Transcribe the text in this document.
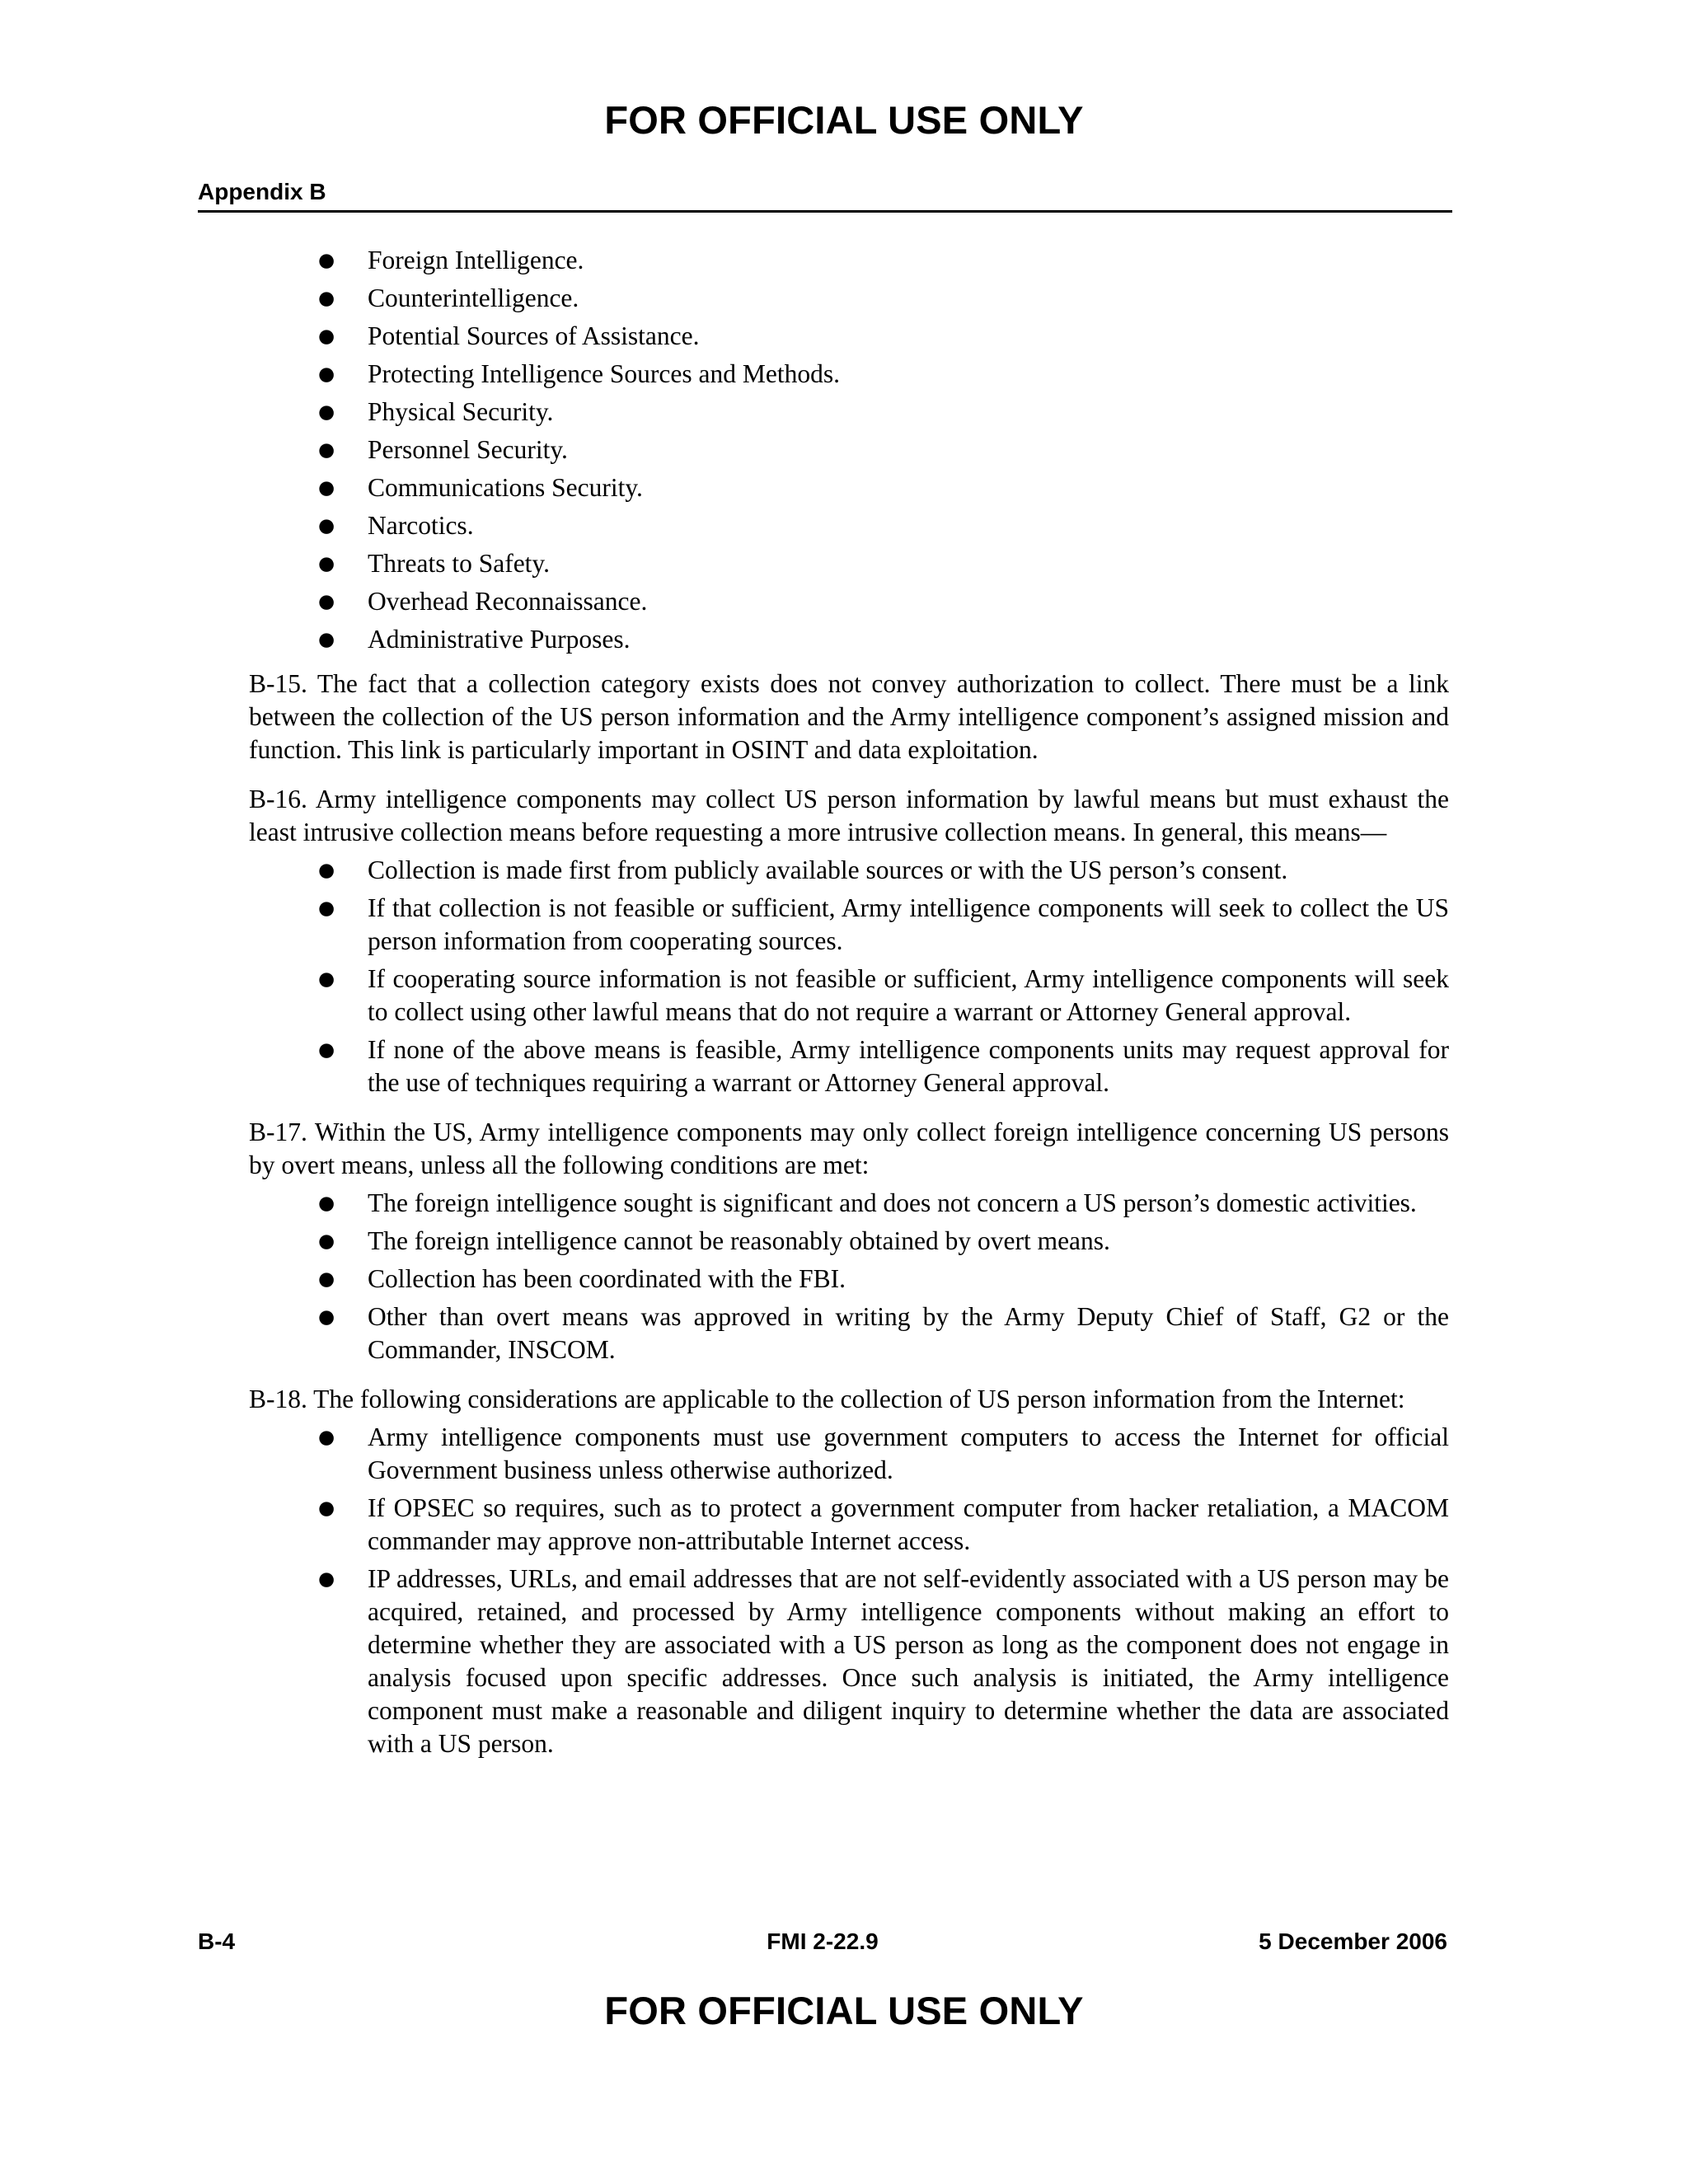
FOR OFFICIAL USE ONLY
Appendix B
● Foreign Intelligence.
● Counterintelligence.
● Potential Sources of Assistance.
● Protecting Intelligence Sources and Methods.
● Physical Security.
● Personnel Security.
● Communications Security.
● Narcotics.
● Threats to Safety.
● Overhead Reconnaissance.
● Administrative Purposes.

B-15. The fact that a collection category exists does not convey authorization to collect. There must be a link between the collection of the US person information and the Army intelligence component’s assigned mission and function. This link is particularly important in OSINT and data exploitation.

B-16. Army intelligence components may collect US person information by lawful means but must exhaust the least intrusive collection means before requesting a more intrusive collection means. In general, this means—

● Collection is made first from publicly available sources or with the US person’s consent.
● If that collection is not feasible or sufficient, Army intelligence components will seek to collect the US person information from cooperating sources.
● If cooperating source information is not feasible or sufficient, Army intelligence components will seek to collect using other lawful means that do not require a warrant or Attorney General approval.
● If none of the above means is feasible, Army intelligence components units may request approval for the use of techniques requiring a warrant or Attorney General approval.

B-17. Within the US, Army intelligence components may only collect foreign intelligence concerning US persons by overt means, unless all the following conditions are met:

● The foreign intelligence sought is significant and does not concern a US person’s domestic activities.
● The foreign intelligence cannot be reasonably obtained by overt means.
● Collection has been coordinated with the FBI.
● Other than overt means was approved in writing by the Army Deputy Chief of Staff, G2 or the Commander, INSCOM.

B-18. The following considerations are applicable to the collection of US person information from the Internet:

● Army intelligence components must use government computers to access the Internet for official Government business unless otherwise authorized.
● If OPSEC so requires, such as to protect a government computer from hacker retaliation, a MACOM commander may approve non-attributable Internet access.
● IP addresses, URLs, and email addresses that are not self-evidently associated with a US person may be acquired, retained, and processed by Army intelligence components without making an effort to determine whether they are associated with a US person as long as the component does not engage in analysis focused upon specific addresses. Once such analysis is initiated, the Army intelligence component must make a reasonable and diligent inquiry to determine whether the data are associated with a US person.
FMI 2-22.9
B-4	5 December 2006
FOR OFFICIAL USE ONLY
